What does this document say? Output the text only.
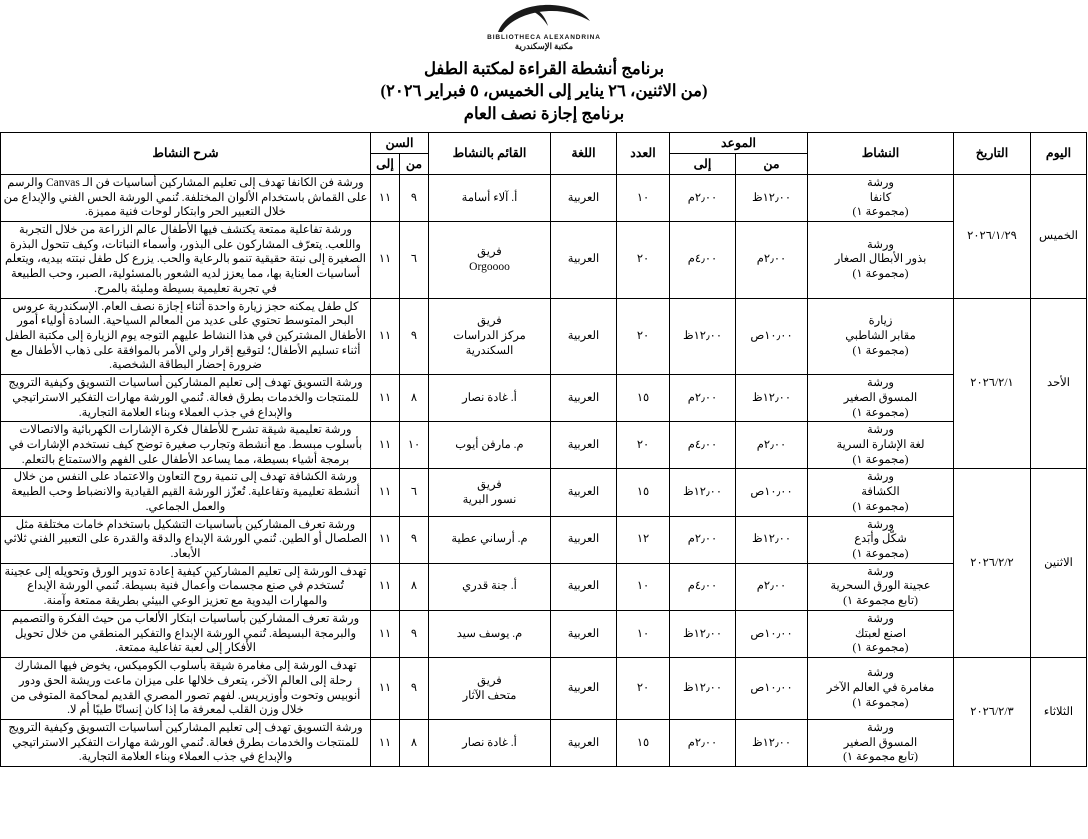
BIBLIOTHECA ALEXANDRINA
مكتبة الإسكندرية
برنامج أنشطة القراءة لمكتبة الطفل
(من الاثنين، ٢٦ يناير إلى الخميس، ٥ فبراير ٢٠٢٦)
برنامج إجازة نصف العام
اليوم	التاريخ	النشاط	الموعد		العدد	اللغة	القائم بالنشاط	السن		شرح النشاط
			من	إلى				من	إلى	
الخميس	٢٠٢٦/١/٢٩	ورشة
كانفا
(مجموعة ١)	١٢٫٠٠ظ	٢٫٠٠م	١٠	العربية	أ. آلاء أسامة	٩	١١	ورشة فن الكانفا تهدف إلى تعليم المشاركين أساسيات فن الـ Canvas والرسم على القماش باستخدام الألوان المختلفة. تُنمي الورشة الحس الفني والإبداع من خلال التعبير الحر وابتكار لوحات فنية مميزة.

ورشة
بذور الأبطال الصغار
(مجموعة ١)
	٢٫٠٠م	٤٫٠٠م	٢٠	العربية	
فريق
Orgoooo
	٦	١١	ورشة تفاعلية ممتعة يكتشف فيها الأطفال عالم الزراعة من خلال التجربة واللعب. يتعرّف المشاركون على البذور، وأسماء النباتات، وكيف تتحول البذرة الصغيرة إلى نبتة حقيقية تنمو بالرعاية والحب. يزرع كل طفل نبتته بيديه، ويتعلم أساسيات العناية بها، مما يعزز لديه الشعور بالمسئولية، الصبر، وحب الطبيعة في تجربة تعليمية بسيطة ومليئة بالمرح.
الأحد	٢٠٢٦/٢/١	
زيارة
مقابر الشاطبي
(مجموعة ١)
	١٠٫٠٠ص	١٢٫٠٠ظ	٢٠	العربية	
فريق
مركز الدراسات
السكندرية
	٩	١١	كل طفل يمكنه حجز زيارة واحدة أثناء إجازة نصف العام. الإسكندرية عروس البحر المتوسط تحتوي على عديد من المعالم السياحية. السادة أولياء أمور الأطفال المشتركين في هذا النشاط عليهم التوجه يوم الزيارة إلى مكتبة الطفل أثناء تسليم الأطفال؛ لتوقيع إقرار ولي الأمر بالموافقة على ذهاب الأطفال مع ضرورة إحضار البطاقة الشخصية.

		ورشة
المسوق الصغير
(مجموعة ١)	١٢٫٠٠ظ	٢٫٠٠م	١٥	العربية	أ. غادة نصار	٨	١١	ورشة التسويق تهدف إلى تعليم المشاركين أساسيات التسويق وكيفية الترويج للمنتجات والخدمات بطرق فعالة. تُنمي الورشة مهارات التفكير الاستراتيجي والإبداع في جذب العملاء وبناء العلامة التجارية.

		ورشة
لغة الإشارة السرية
(مجموعة ١)	٢٫٠٠م	٤٫٠٠م	٢٠	العربية	م. مارفن أيوب	١٠	١١	ورشة تعليمية شيقة تشرح للأطفال فكرة الإشارات الكهربائية والاتصالات بأسلوب مبسط. مع أنشطة وتجارب صغيرة توضح كيف نستخدم الإشارات في برمجة أشياء بسيطة، مما يساعد الأطفال على الفهم والاستمتاع بالتعلم.
الاثنين	٢٠٢٦/٢/٢	ورشة
الكشافة
(مجموعة ١)	١٠٫٠٠ص	١٢٫٠٠ظ	١٥	العربية	فريق
نسور البرية	٦	١١	ورشة الكشافة تهدف إلى تنمية روح التعاون والاعتماد على النفس من خلال أنشطة تعليمية وتفاعلية. تُعزّز الورشة القيم القيادية والانضباط وحب الطبيعة والعمل الجماعي.

		ورشة
شكّل وأبَدع
(مجموعة ١)	١٢٫٠٠ظ	٢٫٠٠م	١٢	العربية	م. أرساني عطية	٩	١١	ورشة تعرف المشاركين بأساسيات التشكيل باستخدام خامات مختلفة مثل الصلصال أو الطين. تُنمي الورشة الإبداع والدقة والقدرة على التعبير الفني ثلاثي الأبعاد.

		ورشة
عجينة الورق السحرية
(تابع مجموعة ١)	٢٫٠٠م	٤٫٠٠م	١٠	العربية	أ. جنة قدري	٨	١١	تهدف الورشة إلى تعليم المشاركين كيفية إعادة تدوير الورق وتحويله إلى عجينة تُستخدم في صنع مجسمات وأعمال فنية بسيطة. تُنمي الورشة الإبداع والمهارات اليدوية مع تعزيز الوعي البيئي بطريقة ممتعة وآمنة.

		ورشة
اصنع لعبتك
(مجموعة ١)	١٠٫٠٠ص	١٢٫٠٠ظ	١٠	العربية	م. يوسف سيد	٩	١١	ورشة تعرف المشاركين بأساسيات ابتكار الألعاب من حيث الفكرة والتصميم والبرمجة البسيطة. تُنمي الورشة الإبداع والتفكير المنطقي من خلال تحويل الأفكار إلى لعبة تفاعلية ممتعة.
الثلاثاء	٢٠٢٦/٢/٣	
ورشة
مغامرة في العالم الآخر
(مجموعة ١)
	١٠٫٠٠ص	١٢٫٠٠ظ	٢٠	العربية	
فريق
متحف الآثار
	٩	١١	تهدف الورشة إلى مغامرة شيقة بأسلوب الكوميكس، يخوض فيها المشارك رحلة إلى العالم الآخر، يتعرف خلالها على ميزان ماعت وريشة الحق ودور أنوبيس وتحوت وأوزيريس. لفهم تصور المصري القديم لمحاكمة المتوفى من خلال وزن القلب لمعرفة ما إذا كان إنسانًا طيبًا أم لا.

		ورشة
المسوق الصغير
(تابع مجموعة ١)	١٢٫٠٠ظ	٢٫٠٠م	١٥	العربية	أ. غادة نصار	٨	١١	ورشة التسويق تهدف إلى تعليم المشاركين أساسيات التسويق وكيفية الترويج للمنتجات والخدمات بطرق فعالة. تُنمي الورشة مهارات التفكير الاستراتيجي والإبداع في جذب العملاء وبناء العلامة التجارية.
